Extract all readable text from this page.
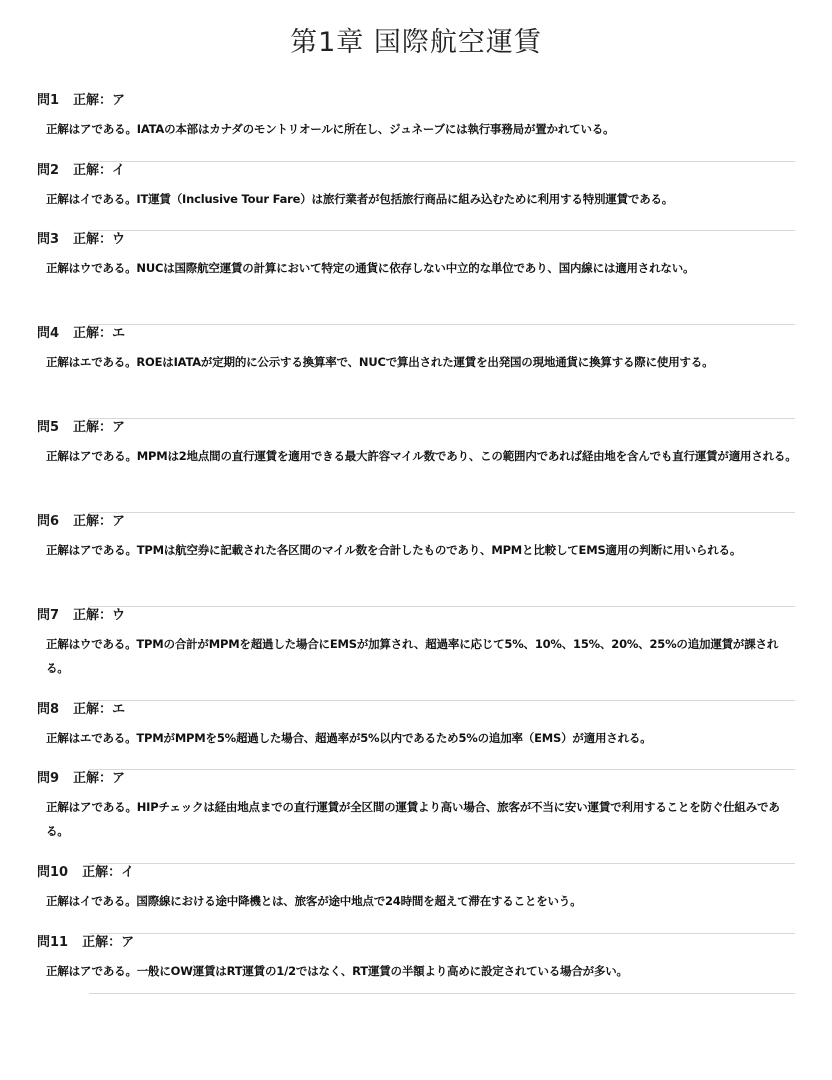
第1章 国際航空運賃
問1 正解：ア
正解はアである。IATAの本部はカナダのモントリオールに所在し、ジュネーブには執行事務局が置かれている。
問2 正解：イ
正解はイである。IT運賃（Inclusive Tour Fare）は旅行業者が包括旅行商品に組み込むために利用する特別運賃である。
問3 正解：ウ
正解はウである。NUCは国際航空運賃の計算において特定の通貨に依存しない中立的な単位であり、国内線には適用されない。
問4 正解：エ
正解はエである。ROEはIATAが定期的に公示する換算率で、NUCで算出された運賃を出発国の現地通貨に換算する際に使用する。
問5 正解：ア
正解はアである。MPMは2地点間の直行運賃を適用できる最大許容マイル数であり、この範囲内であれば経由地を含んでも直行運賃が適用される。
問6 正解：ア
正解はアである。TPMは航空券に記載された各区間のマイル数を合計したものであり、MPMと比較してEMS適用の判断に用いられる。
問7 正解：ウ
正解はウである。TPMの合計がMPMを超過した場合にEMSが加算され、超過率に応じて5%、10%、15%、20%、25%の追加運賃が課される。
問8 正解：エ
正解はエである。TPMがMPMを5%超過した場合、超過率が5%以内であるため5%の追加率（EMS）が適用される。
問9 正解：ア
正解はアである。HIPチェックは経由地点までの直行運賃が全区間の運賃より高い場合、旅客が不当に安い運賃で利用することを防ぐ仕組みである。
問10 正解：イ
正解はイである。国際線における途中降機とは、旅客が途中地点で24時間を超えて滞在することをいう。
問11 正解：ア
正解はアである。一般にOW運賃はRT運賃の1/2ではなく、RT運賃の半額より高めに設定されている場合が多い。
